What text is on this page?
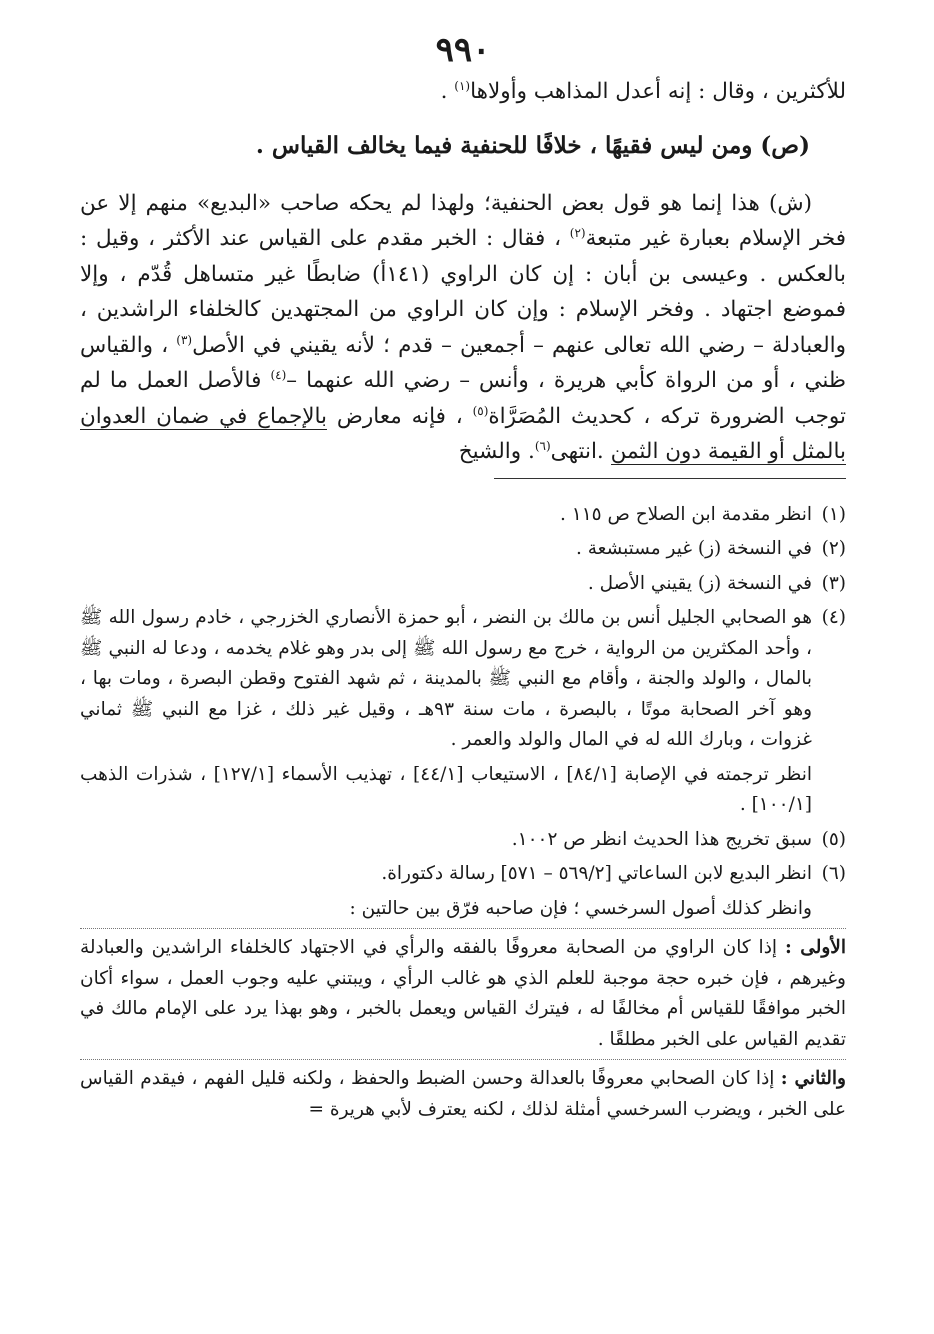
٩٩٠

للأكثرين ، وقال : إنه أعدل المذاهب وأولاها$^{(١)}$ .

(ص) ومن ليس فقيهًا ، خلافًا للحنفية فيما يخالف القياس .

(ش) هذا إنما هو قول بعض الحنفية؛ ولهذا لم يحكه صاحب «البديع» منهم إلا عن فخر الإسلام بعبارة غير متبعة$^{(٢)}$ ، فقال : الخبر مقدم على القياس عند الأكثر ، وقيل : بالعكس . وعيسى بن أبان : إن كان الراوي (١٤١أ) ضابطًا غير متساهل قُدّم ، وإلا فموضع اجتهاد . وفخر الإسلام : وإن كان الراوي من المجتهدين كالخلفاء الراشدين ، والعبادلة – رضي الله تعالى عنهم – أجمعين – قدم ؛ لأنه يقيني في الأصل$^{(٣)}$ ، والقياس ظني ، أو من الرواة كأبي هريرة ، وأنس – رضي الله عنهما –$^{(٤)}$ فالأصل العمل ما لم توجب الضرورة تركه ، كحديث المُصَرَّاة$^{(٥)}$ ، فإنه معارض بالإجماع في ضمان العدوان بالمثل أو القيمة دون الثمن .انتهى$^{(٦)}$. والشيخ

(١)
انظر مقدمة ابن الصلاح ص ١١٥ .
(٢)
في النسخة (ز) غير مستبشعة .
(٣)
في النسخة (ز) يقيني الأصل .
(٤)
هو الصحابي الجليل أنس بن مالك بن النضر ، أبو حمزة الأنصاري الخزرجي ، خادم رسول الله ﷺ ، وأحد المكثرين من الرواية ، خرج مع رسول الله ﷺ إلى بدر وهو غلام يخدمه ، ودعا له النبي ﷺ بالمال ، والولد والجنة ، وأقام مع النبي ﷺ بالمدينة ، ثم شهد الفتوح وقطن البصرة ، ومات بها ، وهو آخر الصحابة موتًا ، بالبصرة ، مات سنة ٩٣هـ ، وقيل غير ذلك ، غزا مع النبي ﷺ ثماني غزوات ، وبارك الله له في المال والولد والعمر .
انظر ترجمته في الإصابة [٨٤/١] ، الاستيعاب [٤٤/١] ، تهذيب الأسماء [١٢٧/١] ، شذرات الذهب [١٠٠/١] .
(٥)
سبق تخريج هذا الحديث انظر ص ١٠٠٢.
(٦)
انظر البديع لابن الساعاتي [٥٦٩/٢ – ٥٧١] رسالة دكتوراة.
وانظر كذلك أصول السرخسي ؛ فإن صاحبه فرّق بين حالتين :
الأولى : إذا كان الراوي من الصحابة معروفًا بالفقه والرأي في الاجتهاد كالخلفاء الراشدين والعبادلة وغيرهم ، فإن خبره حجة موجبة للعلم الذي هو غالب الرأي ، ويبتني عليه وجوب العمل ، سواء أكان الخبر موافقًا للقياس أم مخالفًا له ، فيترك القياس ويعمل بالخبر ، وهو بهذا يرد على الإمام مالك في تقديم القياس على الخبر مطلقًا .
والثاني : إذا كان الصحابي معروفًا بالعدالة وحسن الضبط والحفظ ، ولكنه قليل الفهم ، فيقدم القياس على الخبر ، ويضرب السرخسي أمثلة لذلك ، لكنه يعترف لأبي هريرة =
